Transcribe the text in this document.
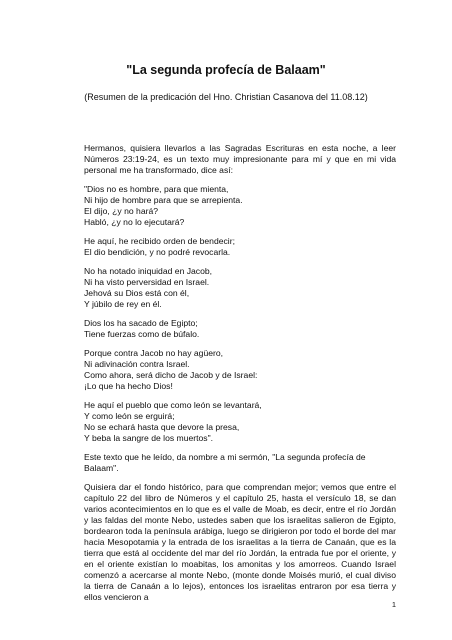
"La segunda profecía de Balaam"

(Resumen de la predicación del Hno. Christian Casanova del 11.08.12)

Hermanos, quisiera llevarlos a las Sagradas Escrituras en esta noche, a leer Números 23:19-24, es un texto muy impresionante para mí y que en mi vida personal me ha transformado, dice así:

"Dios no es hombre, para que mienta,
Ni hijo de hombre para que se arrepienta.
El dijo, ¿y no hará?
Habló, ¿y no lo ejecutará?
He aquí, he recibido orden de bendecir;
El dio bendición, y no podré revocarla.
No ha notado iniquidad en Jacob,
Ni ha visto perversidad en Israel.
Jehová su Dios está con él,
Y júbilo de rey en él.
Dios los ha sacado de Egipto;
Tiene fuerzas como de búfalo.
Porque contra Jacob no hay agüero,
Ni adivinación contra Israel.
Como ahora, será dicho de Jacob y de Israel:
¡Lo que ha hecho Dios!
He aquí el pueblo que como león se levantará,
Y como león se erguirá;
No se echará hasta que devore la presa,
Y beba la sangre de los muertos".

Este texto que he leído, da nombre a mi sermón, "La segunda profecía de Balaam".

Quisiera dar el fondo histórico, para que comprendan mejor; vemos que entre el capítulo 22 del libro de Números y el capítulo 25, hasta el versículo 18, se dan varios acontecimientos en lo que es el valle de Moab, es decir, entre el río Jordán y las faldas del monte Nebo, ustedes saben que los israelitas salieron de Egipto, bordearon toda la península arábiga, luego se dirigieron por todo el borde del mar hacia Mesopotamia y la entrada de los israelitas a la tierra de Canaán, que es la tierra que está al occidente del mar del río Jordán, la entrada fue por el oriente, y en el oriente existían lo moabitas, los amonitas y los amorreos. Cuando Israel comenzó a acercarse al monte Nebo, (monte donde Moisés murió, el cual diviso la tierra de Canaán a lo lejos), entonces los israelitas entraron por esa tierra y ellos vencieron a

1
